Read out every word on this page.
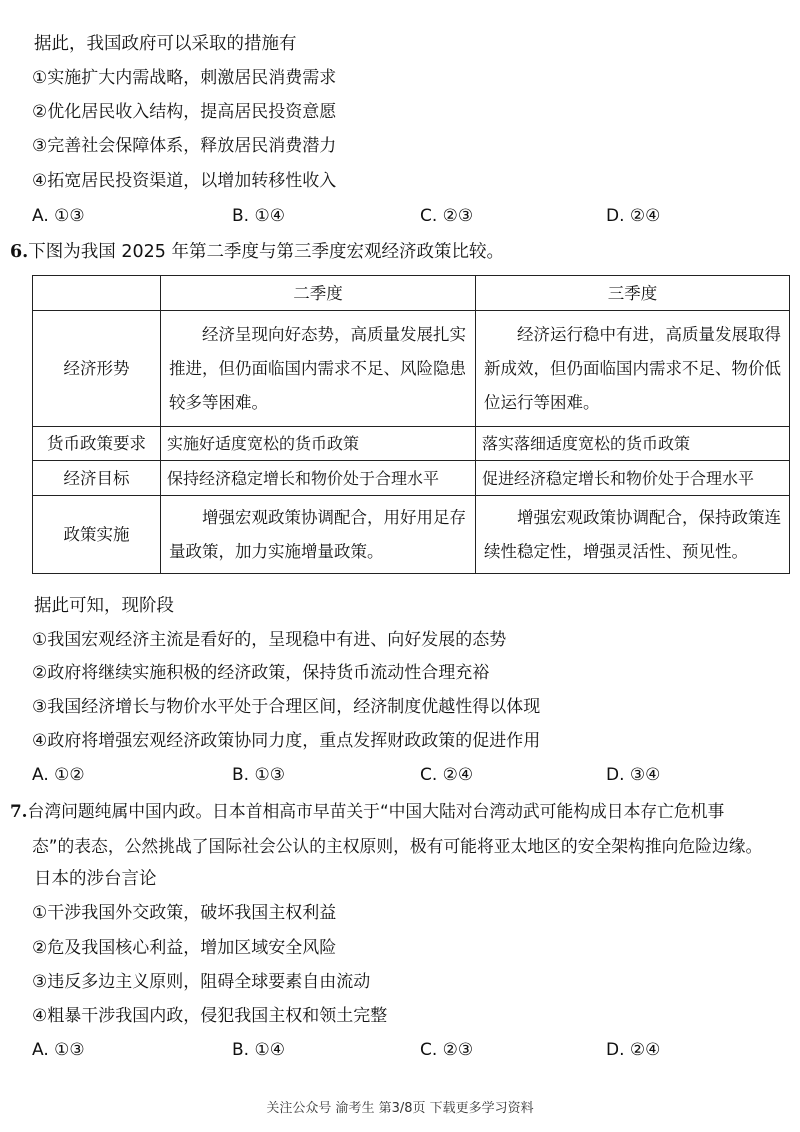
据此，我国政府可以采取的措施有
①实施扩大内需战略，刺激居民消费需求
②优化居民收入结构，提高居民投资意愿
③完善社会保障体系，释放居民消费潜力
④拓宽居民投资渠道，以增加转移性收入
A. ①③	B. ①④	C. ②③	D. ②④
6.下图为我国 2025 年第二季度与第三季度宏观经济政策比较。
	二季度	三季度
经济形势	经济呈现向好态势，高质量发展扎实推进，但仍面临国内需求不足、风险隐患较多等困难。	经济运行稳中有进，高质量发展取得新成效，但仍面临国内需求不足、物价低位运行等困难。
货币政策要求	实施好适度宽松的货币政策	落实落细适度宽松的货币政策
经济目标	保持经济稳定增长和物价处于合理水平	促进经济稳定增长和物价处于合理水平
政策实施	增强宏观政策协调配合，用好用足存量政策，加力实施增量政策。	增强宏观政策协调配合，保持政策连续性稳定性，增强灵活性、预见性。
据此可知，现阶段
①我国宏观经济主流是看好的，呈现稳中有进、向好发展的态势
②政府将继续实施积极的经济政策，保持货币流动性合理充裕
③我国经济增长与物价水平处于合理区间，经济制度优越性得以体现
④政府将增强宏观经济政策协同力度，重点发挥财政政策的促进作用
A. ①②	B. ①③	C. ②④	D. ③④
7.台湾问题纯属中国内政。日本首相高市早苗关于“中国大陆对台湾动武可能构成日本存亡危机事
态”的表态，公然挑战了国际社会公认的主权原则，极有可能将亚太地区的安全架构推向危险边缘。
日本的涉台言论
①干涉我国外交政策，破坏我国主权利益
②危及我国核心利益，增加区域安全风险
③违反多边主义原则，阻碍全球要素自由流动
④粗暴干涉我国内政，侵犯我国主权和领土完整
A. ①③	B. ①④	C. ②③	D. ②④
关注公众号 渝考生 第3/8页 下载更多学习资料
